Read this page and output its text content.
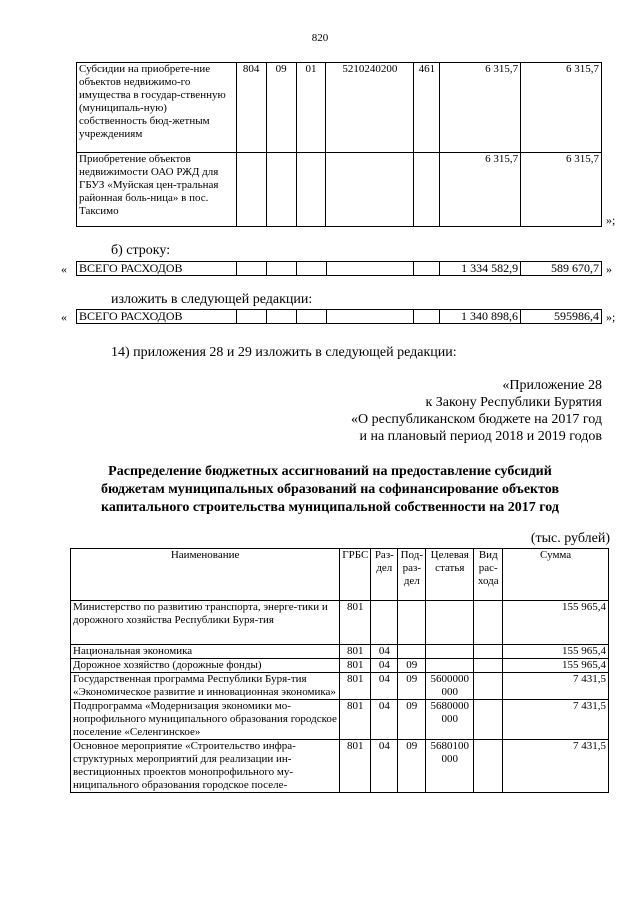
820
Субсидии на приобрете-ние объектов недвижимо-го имущества в государ-ственную (муниципаль-ную) собственность бюд-жетным учреждениям	804	09	01	5210240200	461	6 315,7	6 315,7
Приобретение объектов недвижимости ОАО РЖД для ГБУЗ «Муйская цен-тральная районная боль-ница» в пос. Таксимо						6 315,7	6 315,7
»;
б) строку:
« ВСЕГО РАСХОДОВ						1 334 582,9	589 670,7 »
изложить в следующей редакции:
« ВСЕГО РАСХОДОВ						1 340 898,6	595986,4 »;
14) приложения 28 и 29 изложить в следующей редакции:
«Приложение 28
к Закону Республики Бурятия
«О республиканском бюджете на 2017 год
и на плановый период 2018 и 2019 годов
Распределение бюджетных ассигнований на предоставление субсидий
бюджетам муниципальных образований на софинансирование объектов
капитального строительства муниципальной собственности на 2017 год
(тыс. рублей)
Наименование	ГРБС	Раз-дел	Под-раз-дел	Целевая статья	Вид рас-хода	Сумма
Министерство по развитию транспорта, энерге-тики и дорожного хозяйства Республики Буря-тия	801					155 965,4
Национальная экономика	801	04				155 965,4
Дорожное хозяйство (дорожные фонды)	801	04	09			155 965,4
Государственная программа Республики Буря-тия «Экономическое развитие и инновационная экономика»	801	04	09	5600000 000		7 431,5
Подпрограмма «Модернизация экономики мо-нопрофильного муниципального образования городское поселение «Селенгинское»	801	04	09	5680000 000		7 431,5
Основное мероприятие «Строительство инфра-структурных мероприятий для реализации ин-вестиционных проектов монопрофильного му-ниципального образования городское поселе-	801	04	09	5680100 000		7 431,5
